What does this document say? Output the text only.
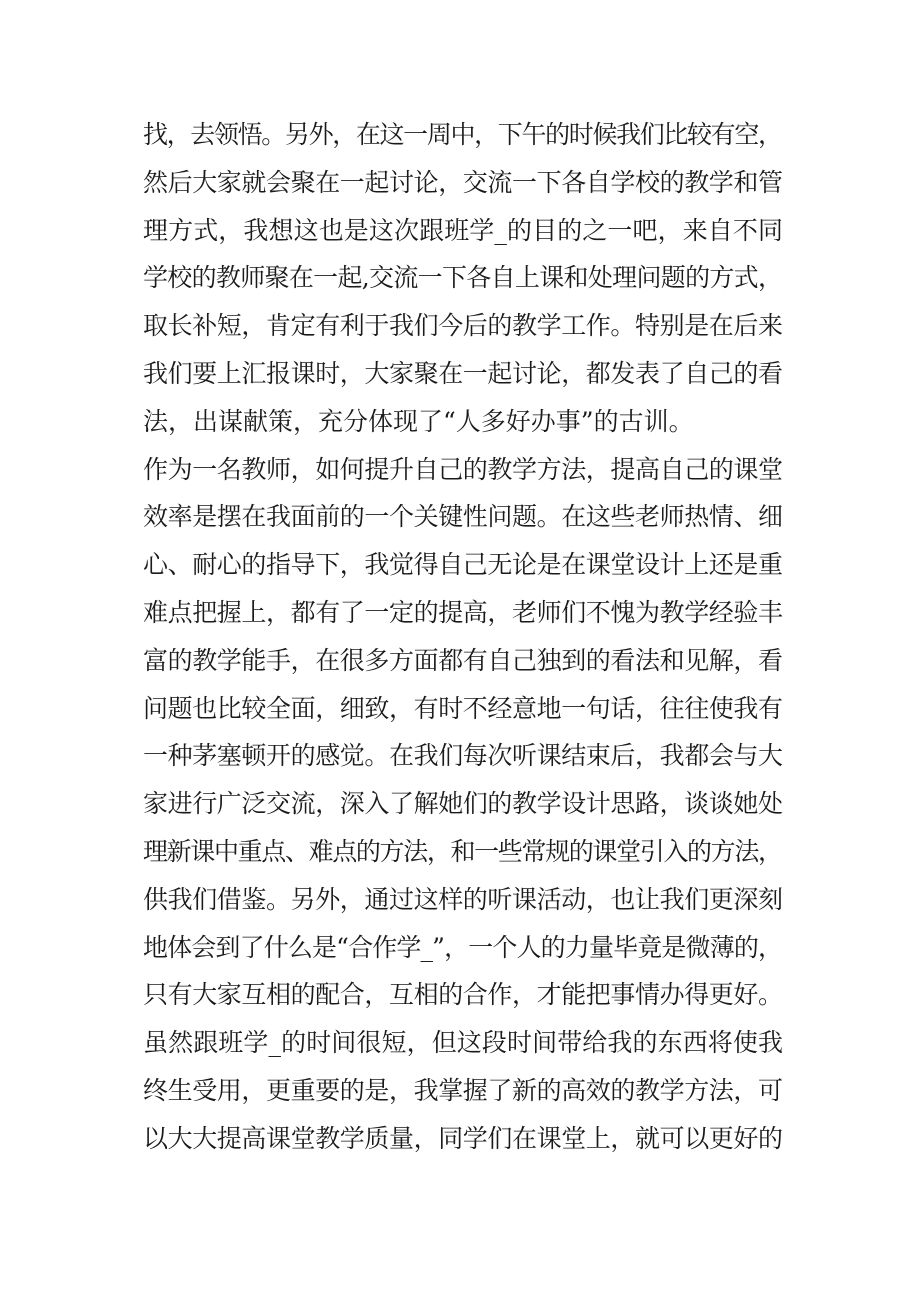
找，去领悟。另外，在这一周中，下午的时候我们比较有空，
然后大家就会聚在一起讨论，交流一下各自学校的教学和管
理方式，我想这也是这次跟班学_的目的之一吧，来自不同
学校的教师聚在一起,交流一下各自上课和处理问题的方式，
取长补短，肯定有利于我们今后的教学工作。特别是在后来
我们要上汇报课时，大家聚在一起讨论，都发表了自己的看
法，出谋献策，充分体现了“人多好办事”的古训。
作为一名教师，如何提升自己的教学方法，提高自己的课堂
效率是摆在我面前的一个关键性问题。在这些老师热情、细
心、耐心的指导下，我觉得自己无论是在课堂设计上还是重
难点把握上，都有了一定的提高，老师们不愧为教学经验丰
富的教学能手，在很多方面都有自己独到的看法和见解，看
问题也比较全面，细致，有时不经意地一句话，往往使我有
一种茅塞顿开的感觉。在我们每次听课结束后，我都会与大
家进行广泛交流，深入了解她们的教学设计思路，谈谈她处
理新课中重点、难点的方法，和一些常规的课堂引入的方法，
供我们借鉴。另外，通过这样的听课活动，也让我们更深刻
地体会到了什么是“合作学_”，一个人的力量毕竟是微薄的，
只有大家互相的配合，互相的合作，才能把事情办得更好。
虽然跟班学_的时间很短，但这段时间带给我的东西将使我
终生受用，更重要的是，我掌握了新的高效的教学方法，可
以大大提高课堂教学质量，同学们在课堂上，就可以更好的
